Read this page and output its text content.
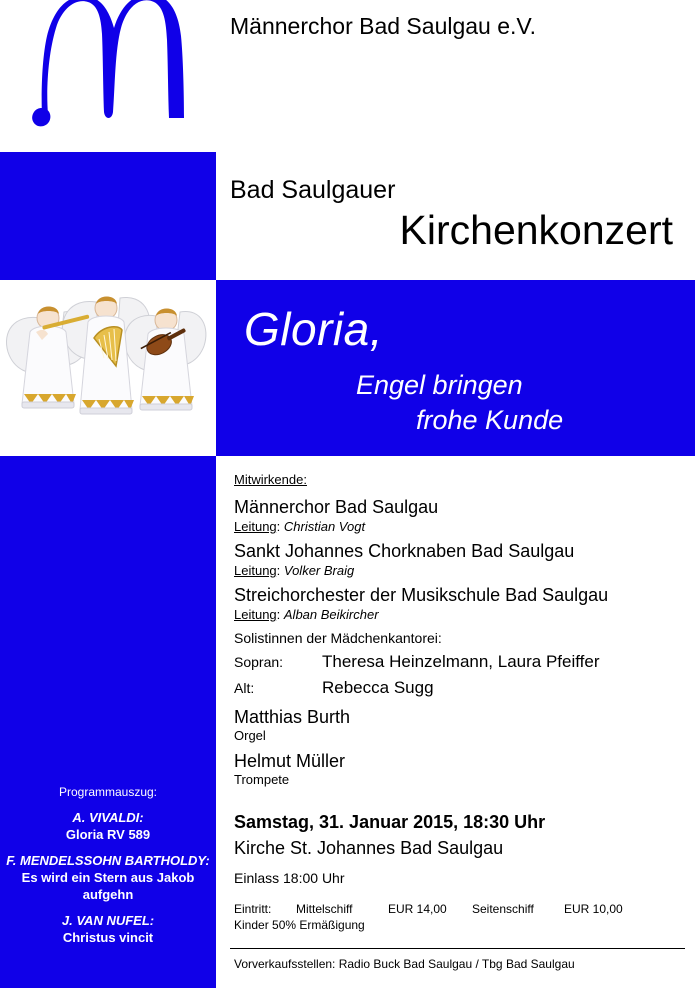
Männerchor Bad Saulgau e.V.
Programmauszug:
A. VIVALDI:
Gloria RV 589
F. MENDELSSOHN BARTHOLDY:
Es wird ein Stern aus Jakob aufgehn
J. VAN NUFEL:
Christus vincit
Bad Saulgauer
Kirchenkonzert
Gloria,
Engel bringen
frohe Kunde
Mitwirkende:
Männerchor Bad Saulgau
Leitung: Christian Vogt
Sankt Johannes Chorknaben Bad Saulgau
Leitung: Volker Braig
Streichorchester der Musikschule Bad Saulgau
Leitung: Alban Beikircher
Solistinnen der Mädchenkantorei:
Sopran: Theresa Heinzelmann, Laura Pfeiffer
Alt:	Rebecca Sugg
Matthias Burth
Orgel
Helmut Müller
Trompete
Samstag, 31. Januar 2015, 18:30 Uhr
Kirche St. Johannes Bad Saulgau
Einlass 18:00 Uhr
Eintritt: Mittelschiff	EUR 14,00 Seitenschiff	EUR 10,00
Kinder 50% Ermäßigung
Vorverkaufsstellen: Radio Buck Bad Saulgau / Tbg Bad Saulgau
